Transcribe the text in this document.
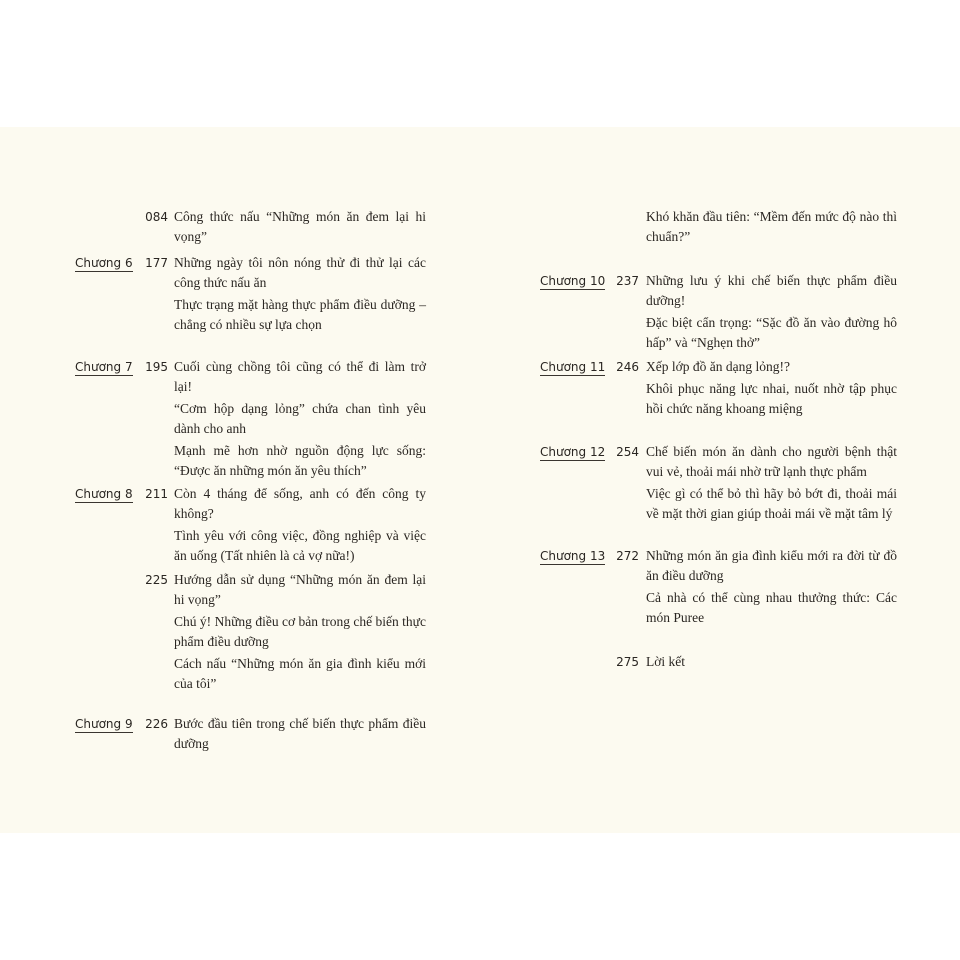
084 Công thức nấu “Những món ăn đem lại hi vọng”
Chương 6	177 Những ngày tôi nôn nóng thử đi thử lại các công thức nấu ăn
Thực trạng mặt hàng thực phẩm điều dưỡng – chẳng có nhiều sự lựa chọn
Chương 7	195 Cuối cùng chồng tôi cũng có thể đi làm trở lại!
“Cơm hộp dạng lỏng” chứa chan tình yêu dành cho anh
Mạnh mẽ hơn nhờ nguồn động lực sống: “Được ăn những món ăn yêu thích”
Chương 8	211 Còn 4 tháng để sống, anh có đến công ty không?
Tình yêu với công việc, đồng nghiệp và việc ăn uống (Tất nhiên là cả vợ nữa!)
225 Hướng dẫn sử dụng “Những món ăn đem lại hi vọng”
Chú ý! Những điều cơ bản trong chế biến thực phẩm điều dưỡng
Cách nấu “Những món ăn gia đình kiểu mới của tôi”
Chương 9	226 Bước đầu tiên trong chế biến thực phẩm điều dưỡng
Khó khăn đầu tiên: “Mềm đến mức độ nào thì chuẩn?”
Chương 10 237 Những lưu ý khi chế biến thực phẩm điều dưỡng!
Đặc biệt cẩn trọng: “Sặc đồ ăn vào đường hô hấp” và “Nghẹn thở”
Chương 11 246 Xếp lớp đồ ăn dạng lỏng!?
Khôi phục năng lực nhai, nuốt nhờ tập phục hồi chức năng khoang miệng
Chương 12 254 Chế biến món ăn dành cho người bệnh thật vui vẻ, thoải mái nhờ trữ lạnh thực phẩm
Việc gì có thể bỏ thì hãy bỏ bớt đi, thoải mái về mặt thời gian giúp thoải mái về mặt tâm lý
Chương 13 272 Những món ăn gia đình kiểu mới ra đời từ đồ ăn điều dưỡng
Cả nhà có thể cùng nhau thưởng thức: Các món Puree
275 Lời kết
